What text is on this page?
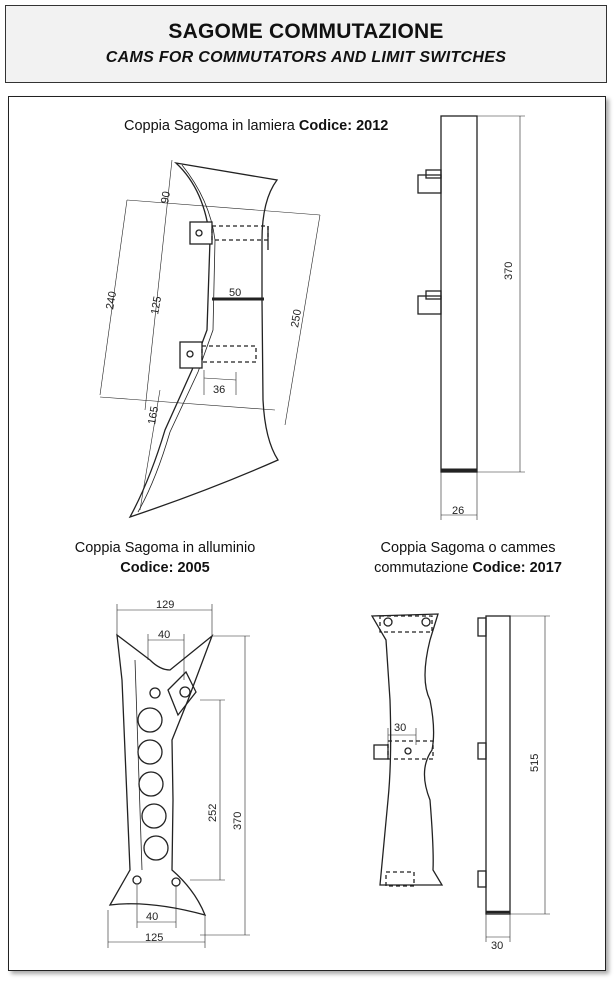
SAGOME COMMUTAZIONE
CAMS FOR COMMUTATORS AND LIMIT SWITCHES
Coppia Sagoma in lamiera Codice: 2012
Coppia Sagoma in alluminio
Codice: 2005
Coppia Sagoma o cammes commutazione Codice: 2017
90
240	125
50
250
36
165
370
26
129
40
252 370
40
125
30
515
30
